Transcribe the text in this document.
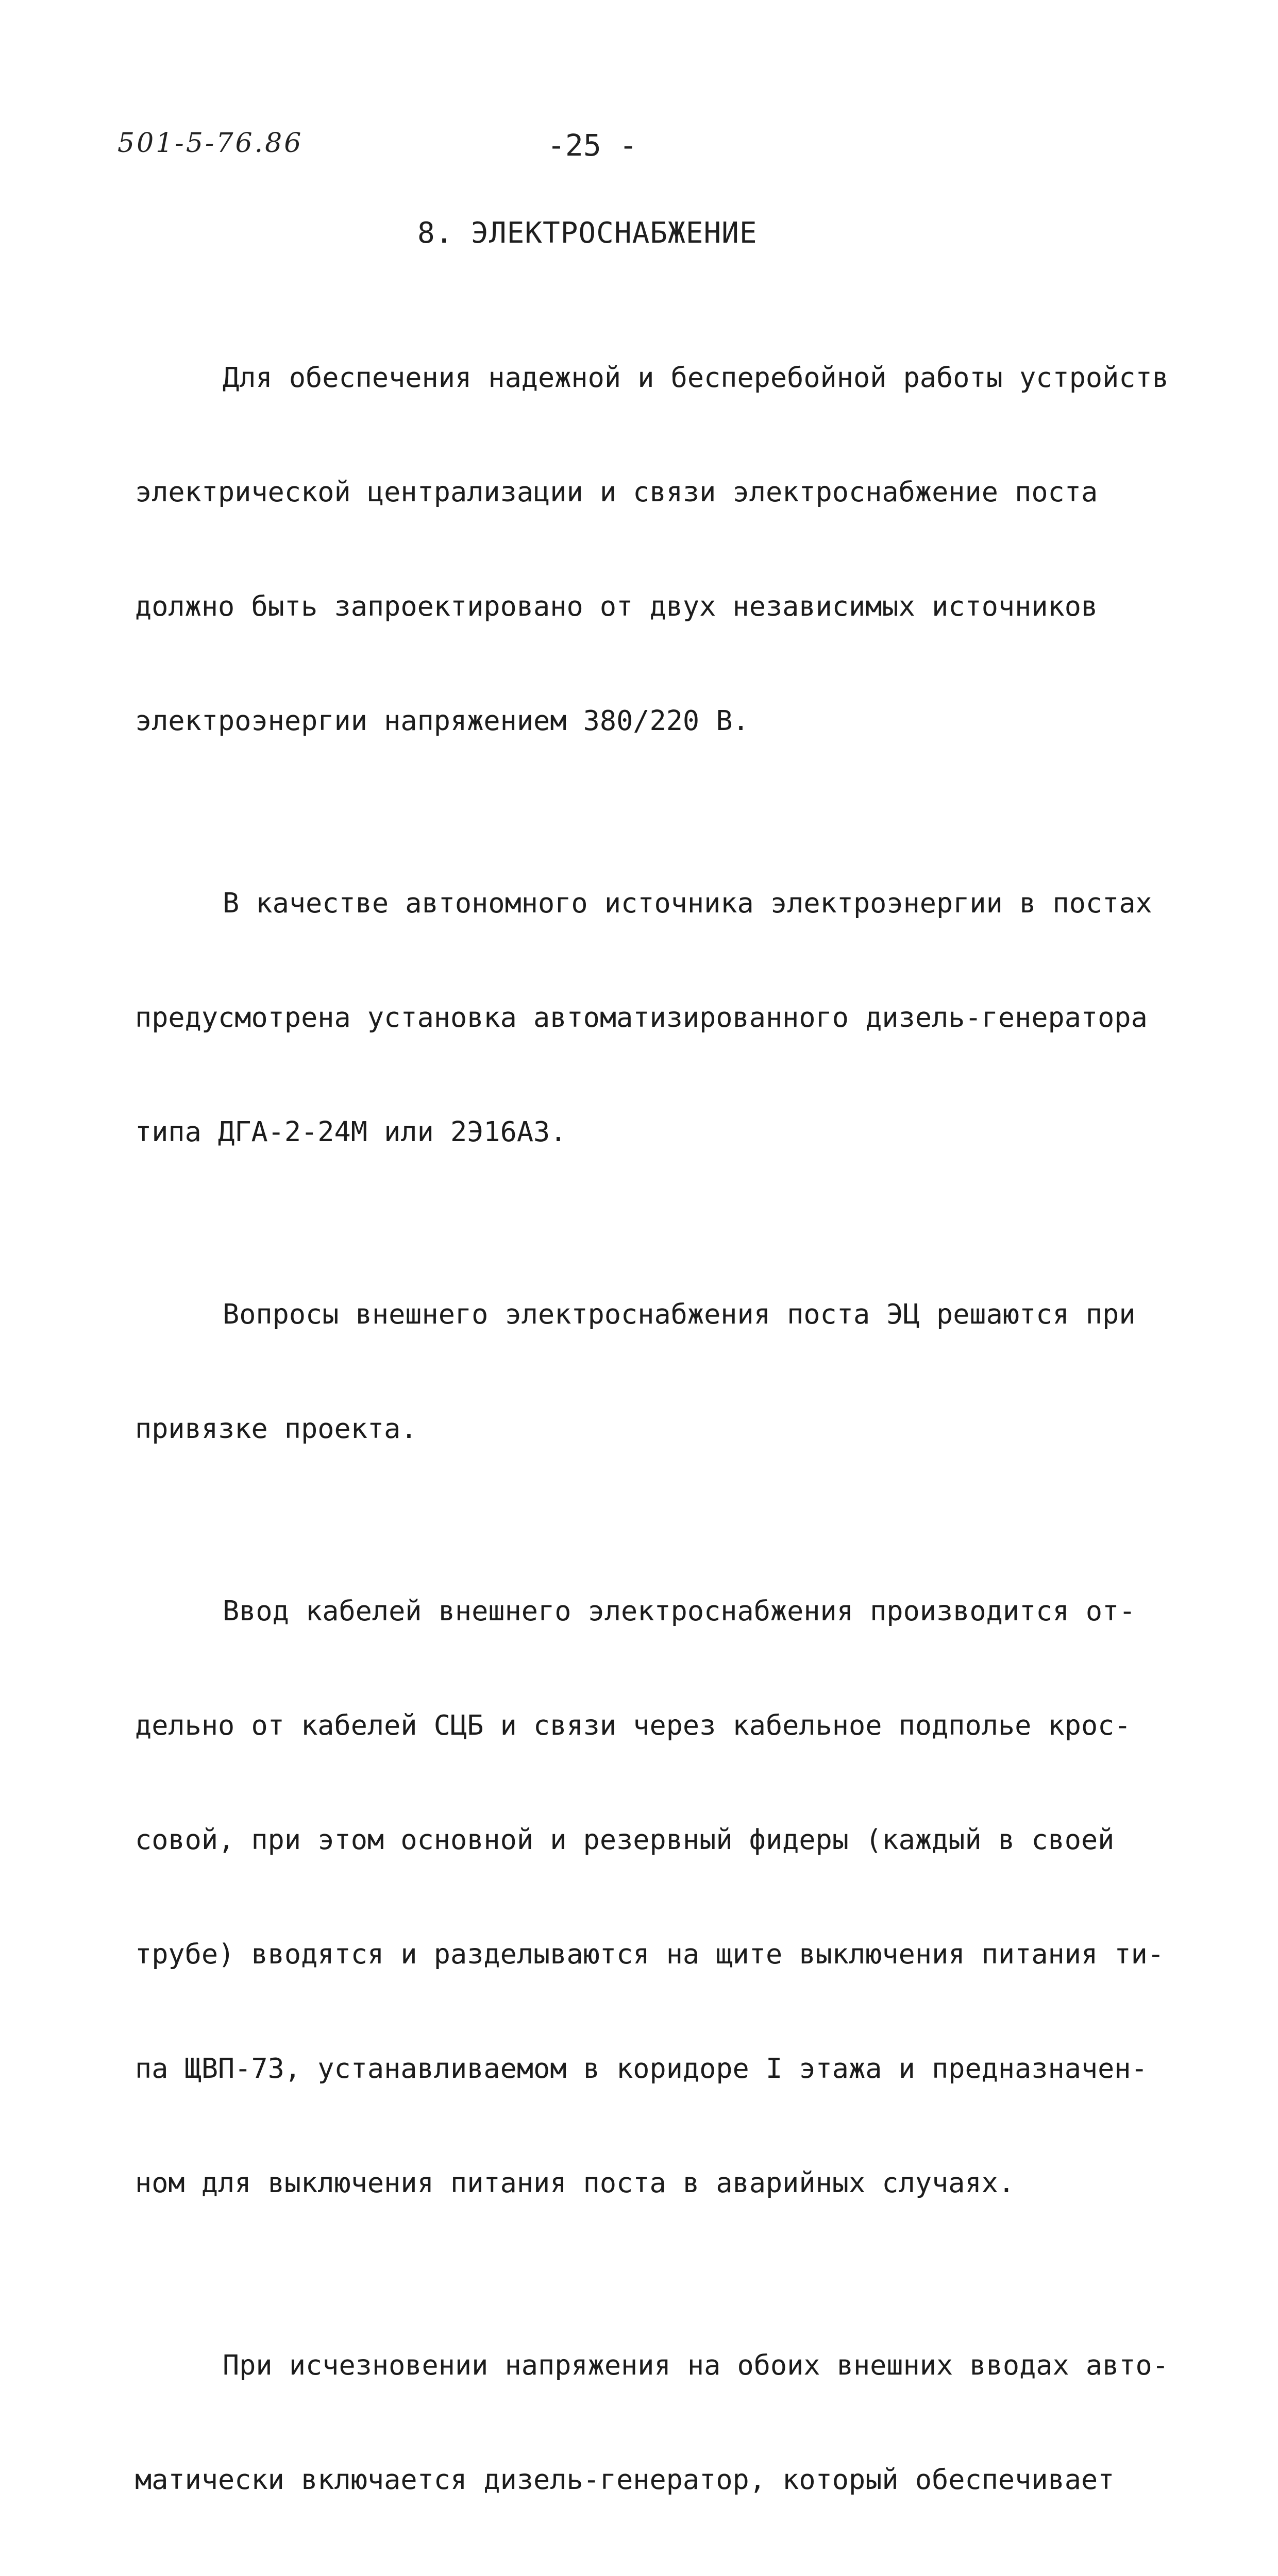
501-5-76.86	-25 -
8. ЭЛЕКТРОСНАБЖЕНИЕ

Для обеспечения надежной и бесперебойной работы устройств

электрической централизации и связи электроснабжение поста

должно быть запроектировано от двух независимых источников

электроэнергии напряжением 380/220 В.

В качестве автономного источника электроэнергии в постах

предусмотрена установка автоматизированного дизель-генератора

типа ДГА-2-24М или 2Э16А3.

Вопросы внешнего электроснабжения поста ЭЦ решаются при

привязке проекта.

Ввод кабелей внешнего электроснабжения производится от-

дельно от кабелей СЦБ и связи через кабельное подполье крос-

совой, при этом основной и резервный фидеры (каждый в своей

трубе) вводятся и разделываются на щите выключения питания ти-

па ЩВП-73, устанавливаемом в коридоре I этажа и предназначен-

ном для выключения питания поста в аварийных случаях.

При исчезновении напряжения на обоих внешних вводах авто-

матически включается дизель-генератор, который обеспечивает
